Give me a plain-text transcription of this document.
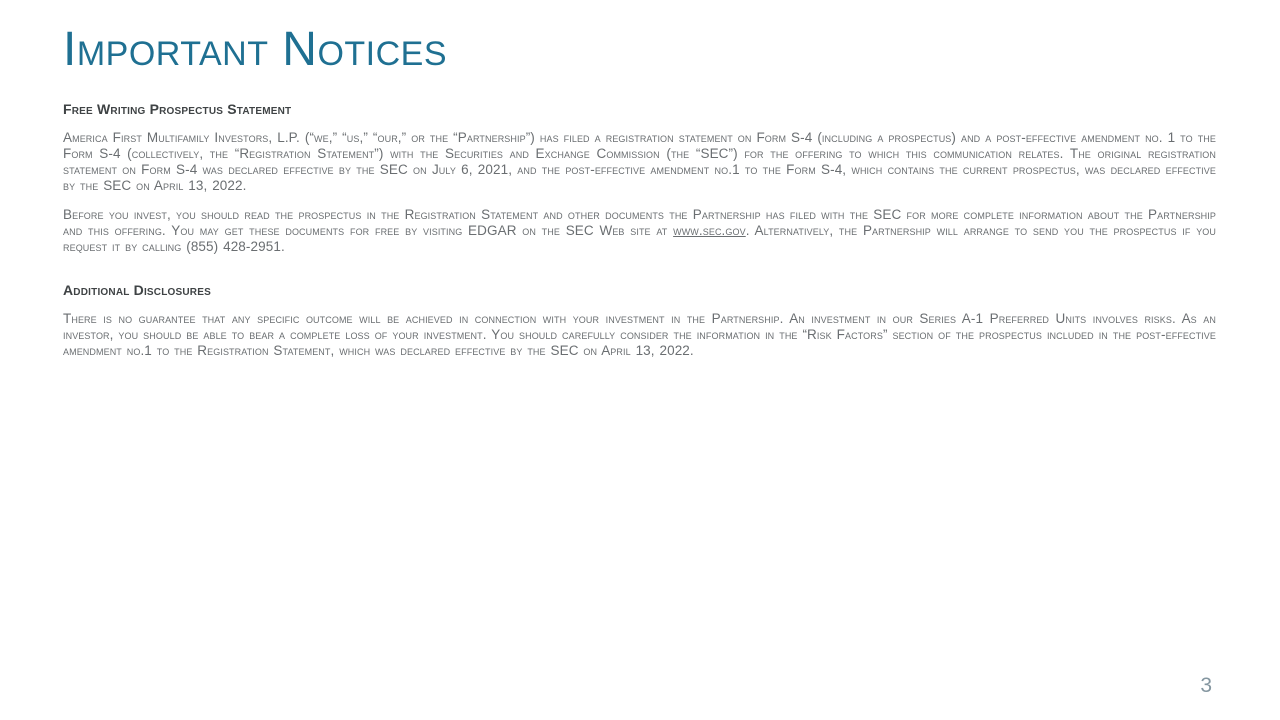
Important Notices
Free Writing Prospectus Statement

America First Multifamily Investors, L.P. (“we,” “us,” “our,” or the “Partnership”) has filed a registration statement on Form S-4 (including a prospectus) and a post-effective amendment no. 1 to the Form S-4 (collectively, the “Registration Statement”) with the Securities and Exchange Commission (the “SEC”) for the offering to which this communication relates. The original registration statement on Form S-4 was declared effective by the SEC on July 6, 2021, and the post-effective amendment no.1 to the Form S-4, which contains the current prospectus, was declared effective by the SEC on April 13, 2022.

Before you invest, you should read the prospectus in the Registration Statement and other documents the Partnership has filed with the SEC for more complete information about the Partnership and this offering. You may get these documents for free by visiting EDGAR on the SEC Web site at www.sec.gov. Alternatively, the Partnership will arrange to send you the prospectus if you request it by calling (855) 428-2951.

Additional Disclosures

There is no guarantee that any specific outcome will be achieved in connection with your investment in the Partnership. An investment in our Series A-1 Preferred Units involves risks. As an investor, you should be able to bear a complete loss of your investment. You should carefully consider the information in the “Risk Factors” section of the prospectus included in the post-effective amendment no.1 to the Registration Statement, which was declared effective by the SEC on April 13, 2022.

3
